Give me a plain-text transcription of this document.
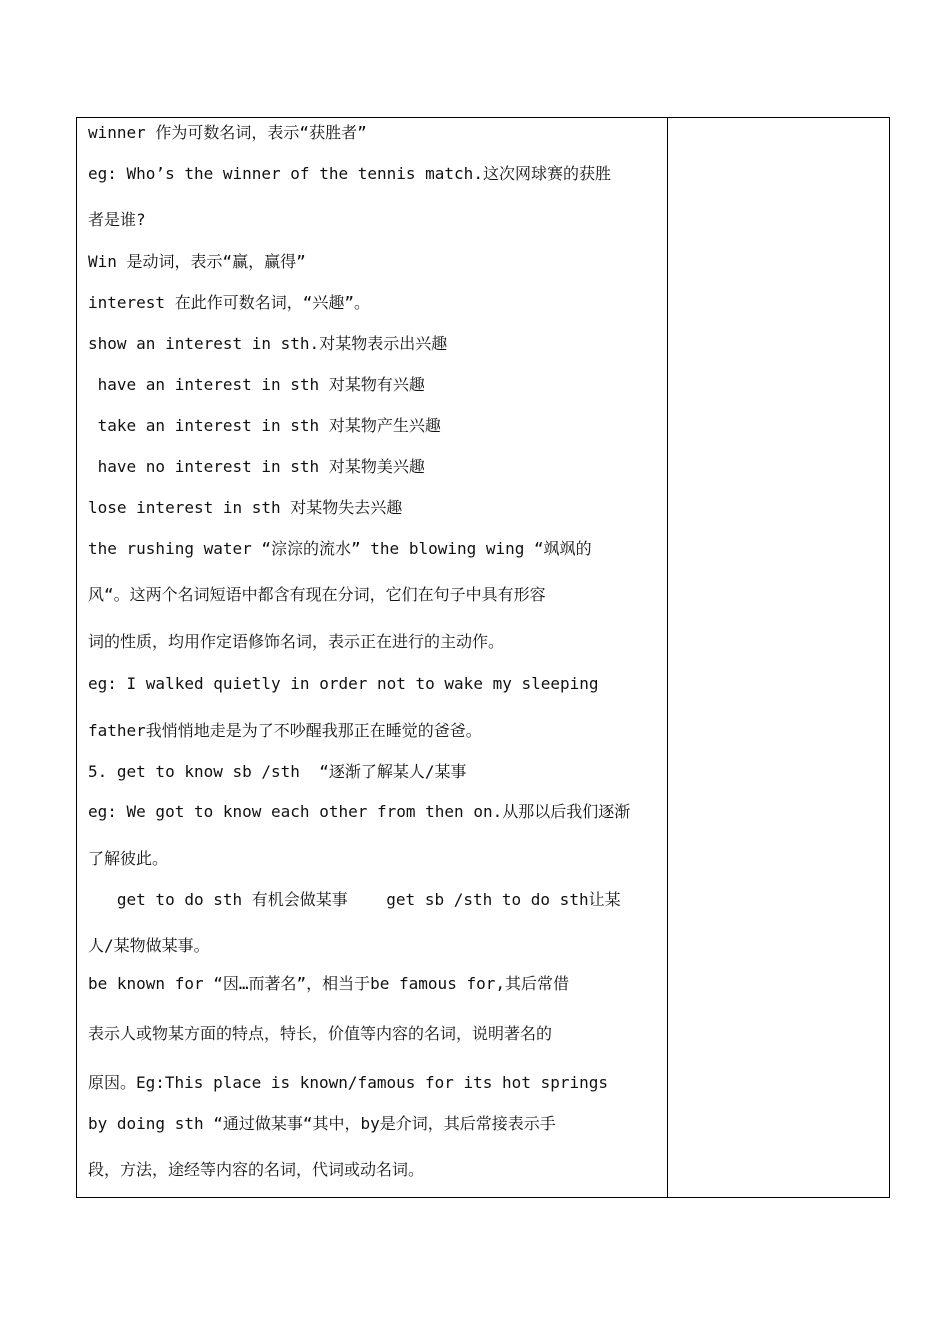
winner 作为可数名词，表示“获胜者”
eg: Who’s the winner of the tennis match.这次网球赛的获胜
者是谁?
Win 是动词，表示“赢，赢得”
interest 在此作可数名词，“兴趣”。
show an interest in sth.对某物表示出兴趣
have an interest in sth 对某物有兴趣
take an interest in sth 对某物产生兴趣
have no interest in sth 对某物美兴趣
lose interest in sth 对某物失去兴趣
the rushing water “淙淙的流水” the blowing wing “飒飒的
风“。这两个名词短语中都含有现在分词，它们在句子中具有形容
词的性质，均用作定语修饰名词，表示正在进行的主动作。
eg: I walked quietly in order not to wake my sleeping
father我悄悄地走是为了不吵醒我那正在睡觉的爸爸。
5. get to know sb /sth  “逐渐了解某人/某事
eg: We got to know each other from then on.从那以后我们逐渐
了解彼此。
get to do sth 有机会做某事    get sb /sth to do sth让某
人/某物做某事。
be known for “因…而著名”，相当于be famous for,其后常借
表示人或物某方面的特点，特长，价值等内容的名词，说明著名的
原因。Eg:This place is known/famous for its hot springs
by doing sth “通过做某事“其中，by是介词，其后常接表示手
段，方法，途经等内容的名词，代词或动名词。
